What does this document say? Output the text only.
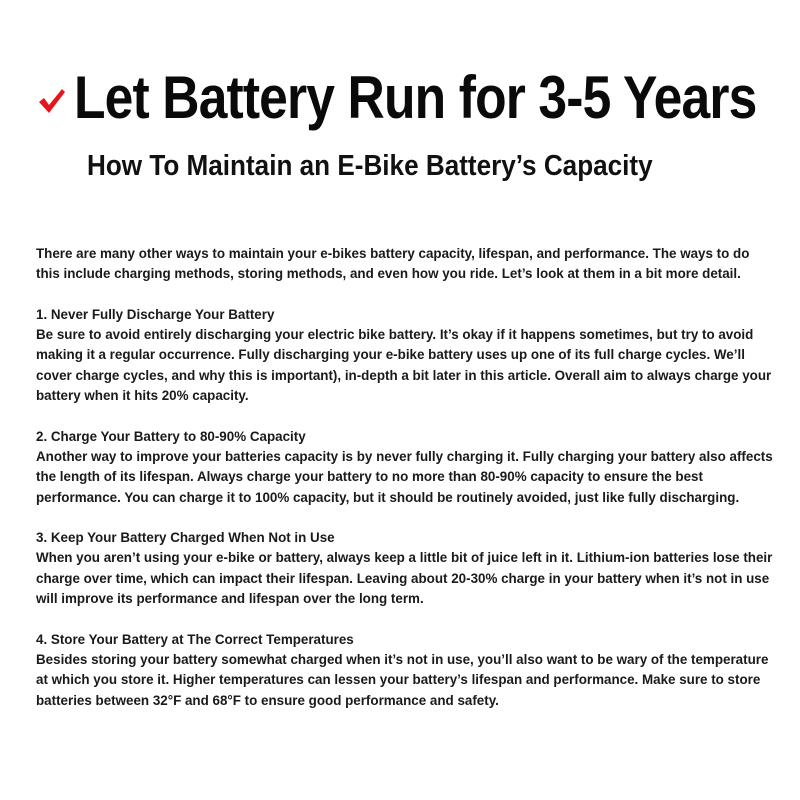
Let Battery Run for 3-5 Years
How To Maintain an E-Bike Battery’s Capacity

There are many other ways to maintain your e-bikes battery capacity, lifespan, and performance. The ways to do this include charging methods, storing methods, and even how you ride. Let’s look at them in a bit more detail.

1. Never Fully Discharge Your Battery
Be sure to avoid entirely discharging your electric bike battery. It’s okay if it happens sometimes, but try to avoid making it a regular occurrence. Fully discharging your e-bike battery uses up one of its full charge cycles. We’ll cover charge cycles, and why this is important), in-depth a bit later in this article. Overall aim to always charge your battery when it hits 20% capacity.
2. Charge Your Battery to 80-90% Capacity
Another way to improve your batteries capacity is by never fully charging it. Fully charging your battery also affects the length of its lifespan. Always charge your battery to no more than 80-90% capacity to ensure the best performance. You can charge it to 100% capacity, but it should be routinely avoided, just like fully discharging.
3. Keep Your Battery Charged When Not in Use
When you aren’t using your e-bike or battery, always keep a little bit of juice left in it. Lithium-ion batteries lose their charge over time, which can impact their lifespan. Leaving about 20-30% charge in your battery when it’s not in use will improve its performance and lifespan over the long term.
4. Store Your Battery at The Correct Temperatures
Besides storing your battery somewhat charged when it’s not in use, you’ll also want to be wary of the temperature at which you store it. Higher temperatures can lessen your battery’s lifespan and performance. Make sure to store batteries between 32°F and 68°F to ensure good performance and safety.
